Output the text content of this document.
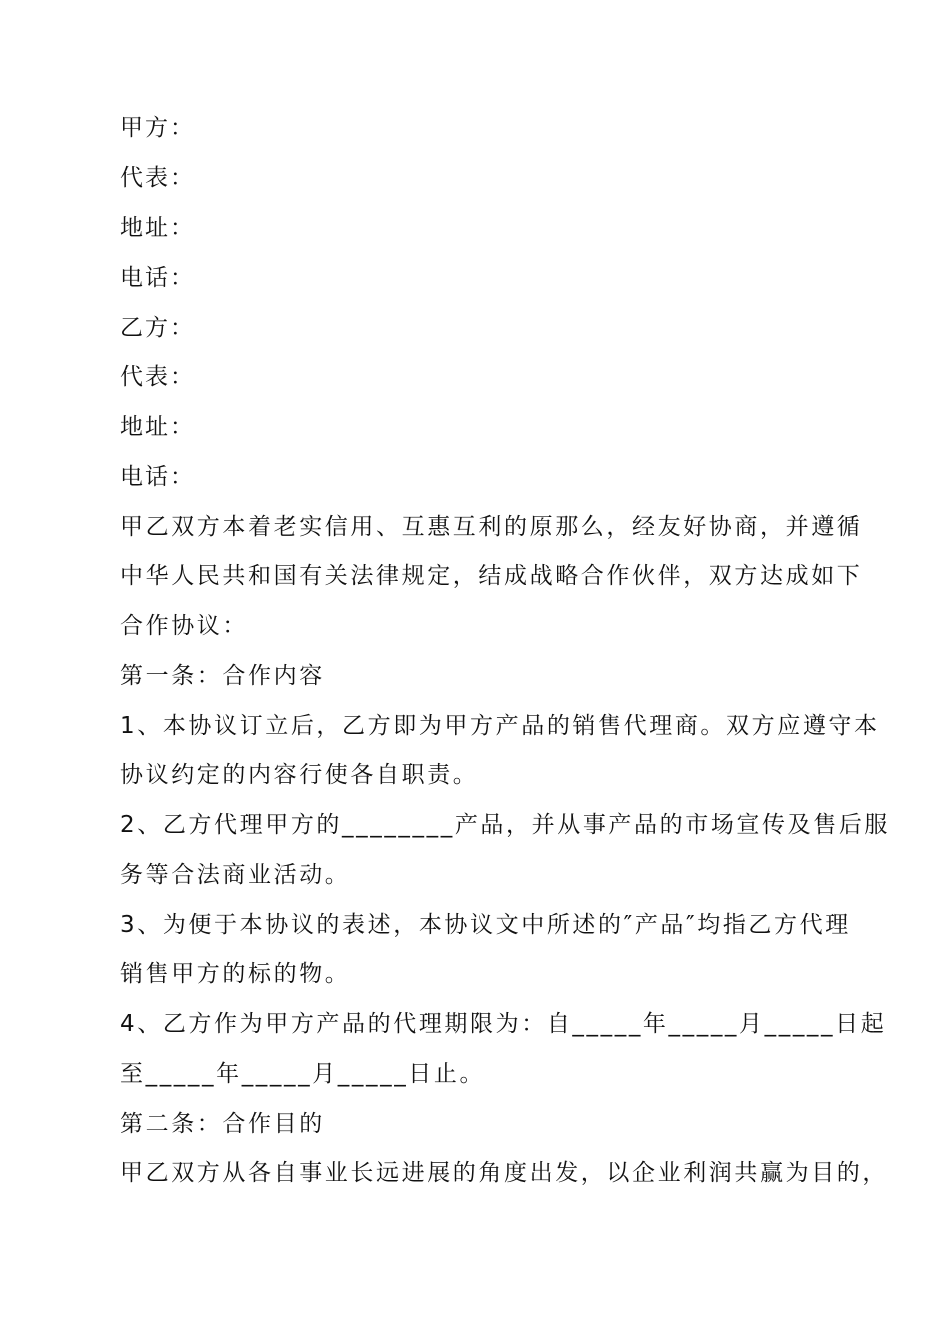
甲方：
代表：
地址：
电话：
乙方：
代表：
地址：
电话：
甲乙双方本着老实信用、互惠互利的原那么，经友好协商，并遵循
中华人民共和国有关法律规定，结成战略合作伙伴，双方达成如下
合作协议：
第一条：合作内容
1、本协议订立后，乙方即为甲方产品的销售代理商。双方应遵守本
协议约定的内容行使各自职责。
2、乙方代理甲方的________产品，并从事产品的市场宣传及售后服
务等合法商业活动。
3、为便于本协议的表述，本协议文中所述的″产品″均指乙方代理
销售甲方的标的物。
4、乙方作为甲方产品的代理期限为：自_____年_____月_____日起
至_____年_____月_____日止。
第二条：合作目的
甲乙双方从各自事业长远进展的角度出发，以企业利润共赢为目的，
